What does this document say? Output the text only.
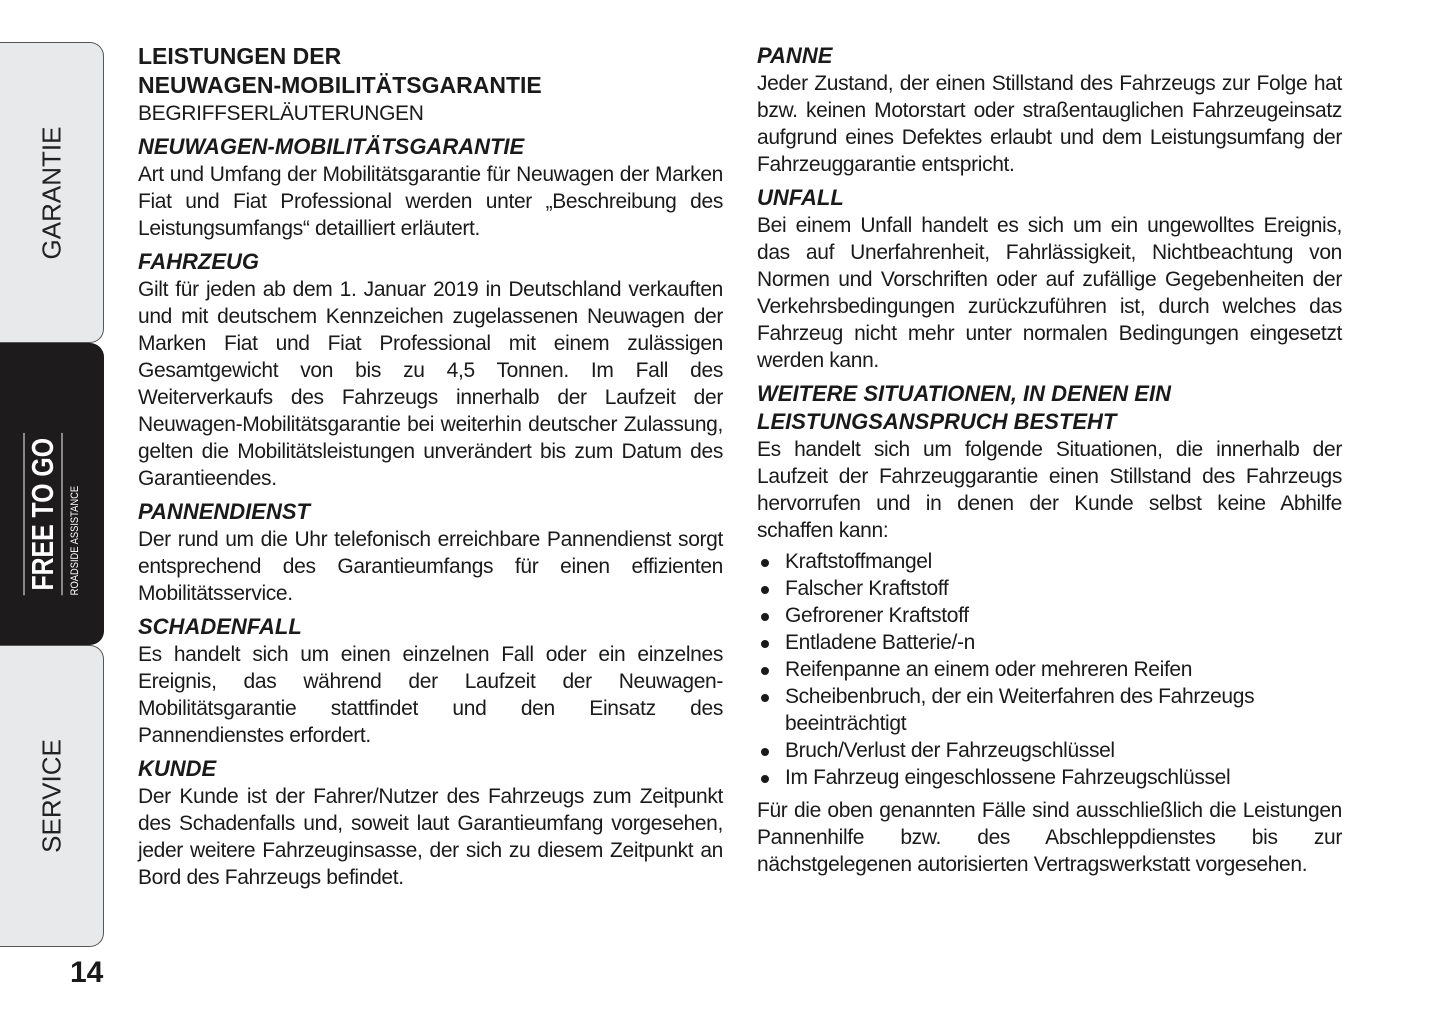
GARANTIE
FREE TO GO ROADSIDE ASSISTANCE
SERVICE
14
LEISTUNGEN DER
NEUWAGEN-MOBILITÄTSGARANTIE
BEGRIFFSERLÄUTERUNGEN
NEUWAGEN-MOBILITÄTSGARANTIE

Art und Umfang der Mobilitätsgarantie für Neuwagen der Marken Fiat und Fiat Professional werden unter „Beschreibung des Leistungsumfangs“ detailliert erläutert.

FAHRZEUG

Gilt für jeden ab dem 1. Januar 2019 in Deutschland verkauften und mit deutschem Kennzeichen zugelassenen Neuwagen der Marken Fiat und Fiat Professional mit einem zulässigen Gesamtgewicht von bis zu 4,5 Tonnen. Im Fall des Weiterverkaufs des Fahrzeugs innerhalb der Laufzeit der Neuwagen-Mobilitätsgarantie bei weiterhin deutscher Zulassung, gelten die Mobilitätsleistungen unverändert bis zum Datum des Garantieendes.

PANNENDIENST

Der rund um die Uhr telefonisch erreichbare Pannendienst sorgt entsprechend des Garantieumfangs für einen effizienten Mobilitätsservice.

SCHADENFALL

Es handelt sich um einen einzelnen Fall oder ein einzelnes Ereignis, das während der Laufzeit der Neuwagen-Mobilitätsgarantie stattfindet und den Einsatz des Pannendienstes erfordert.

KUNDE

Der Kunde ist der Fahrer/Nutzer des Fahrzeugs zum Zeitpunkt des Schadenfalls und, soweit laut Garantieumfang vorgesehen, jeder weitere Fahrzeuginsasse, der sich zu diesem Zeitpunkt an Bord des Fahrzeugs befindet.

PANNE

Jeder Zustand, der einen Stillstand des Fahrzeugs zur Folge hat bzw. keinen Motorstart oder straßentauglichen Fahrzeugeinsatz aufgrund eines Defektes erlaubt und dem Leistungsumfang der Fahrzeuggarantie entspricht.

UNFALL

Bei einem Unfall handelt es sich um ein ungewolltes Ereignis, das auf Unerfahrenheit, Fahrlässigkeit, Nichtbeachtung von Normen und Vorschriften oder auf zufällige Gegebenheiten der Verkehrsbedingungen zurückzuführen ist, durch welches das Fahrzeug nicht mehr unter normalen Bedingungen eingesetzt werden kann.

WEITERE SITUATIONEN, IN DENEN EIN
LEISTUNGSANSPRUCH BESTEHT

Es handelt sich um folgende Situationen, die innerhalb der Laufzeit der Fahrzeuggarantie einen Stillstand des Fahrzeugs hervorrufen und in denen der Kunde selbst keine Abhilfe schaffen kann:

Kraftstoffmangel
Falscher Kraftstoff
Gefrorener Kraftstoff
Entladene Batterie/-n
Reifenpanne an einem oder mehreren Reifen
Scheibenbruch, der ein Weiterfahren des Fahrzeugs beeinträchtigt
Bruch/Verlust der Fahrzeugschlüssel
Im Fahrzeug eingeschlossene Fahrzeugschlüssel

Für die oben genannten Fälle sind ausschließlich die Leistungen Pannenhilfe bzw. des Abschleppdienstes bis zur nächstgelegenen autorisierten Vertragswerkstatt vorgesehen.
